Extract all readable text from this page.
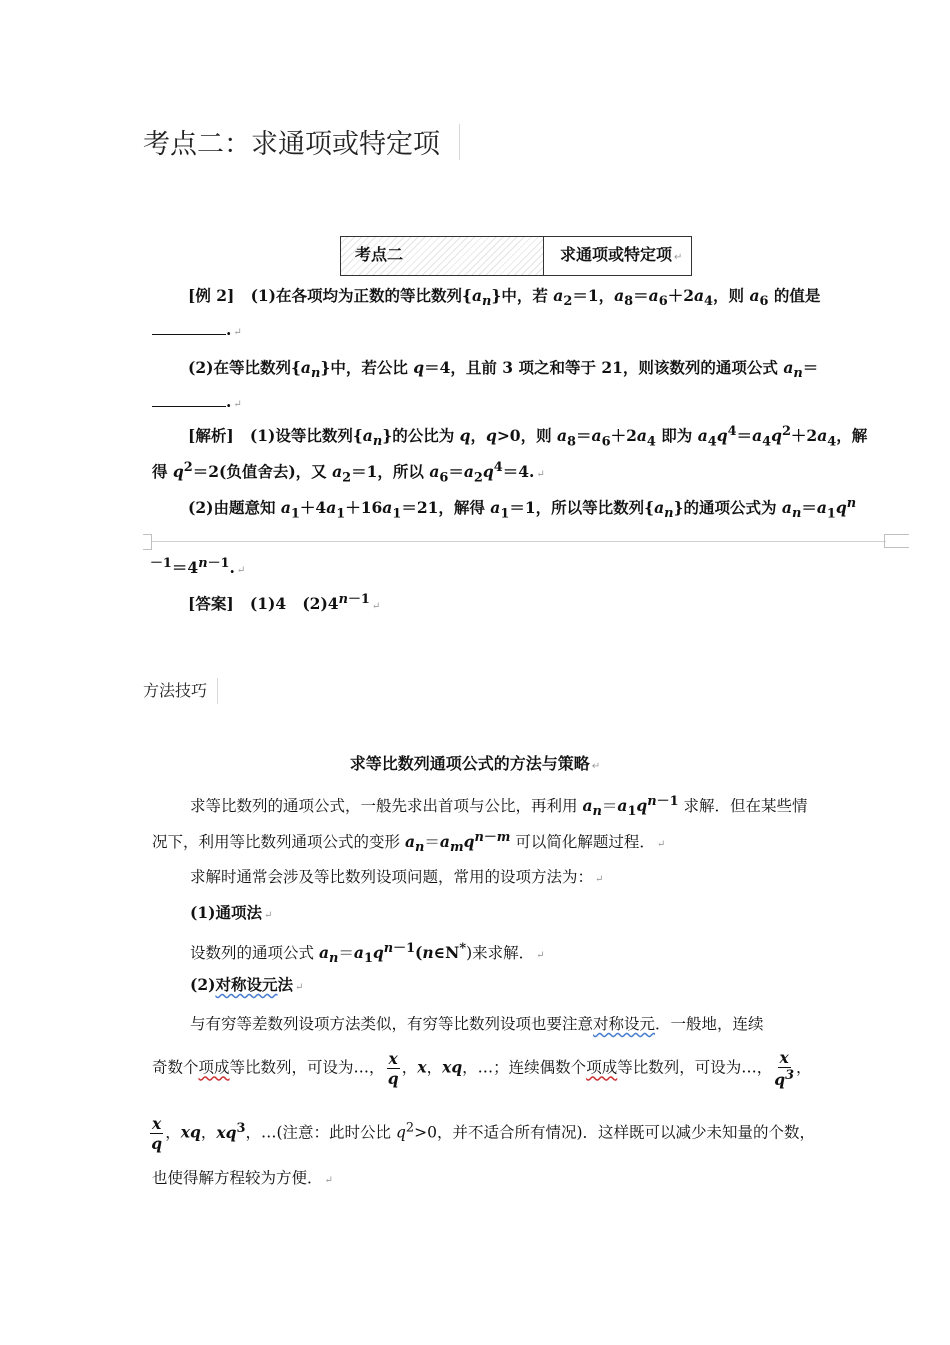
考点二：求通项或特定项
考点二	求通项或特定项 ↵
[例 2] (1)在各项均为正数的等比数列$\{a_n\}$中，若 $a_2=1$，$a_8=a_6+2a_4$，则 $a_6$ 的值是
. ↵
(2)在等比数列$\{a_n\}$中，若公比 q＝4，且前 3 项之和等于 21，则该数列的通项公式 $a_n=$
. ↵
[解析] (1)设等比数列$\{a_n\}$的公比为 q，q>0，则 $a_8=a_6+2a_4$ 即为 $a_4q^4=a_4q^2+2a_4$，解
得 $q^2=2$(负值舍去)，又 $a_2=1$，所以 $a_6=a_2q^4=4$. ↵
(2)由题意知 $a_1+4a_1+16a_1=21$，解得 $a_1=1$，所以等比数列$\{a_n\}$的通项公式为 $a_n=a_1q^n$
$^{-1}=4^{n-1}$. ↵
[答案] (1)4 $(2)4^{n-1}$ ↵
方法技巧
求等比数列通项公式的方法与策略 ↵
求等比数列的通项公式，一般先求出首项与公比，再利用 $a_n=a_1q^{n-1}$ 求解．但在某些情
况下，利用等比数列通项公式的变形 $a_n=a_mq^{n-m}$ 可以简化解题过程． ↵
求解时通常会涉及等比数列设项问题，常用的设项方法为： ↵
(1)通项法 ↵
设数列的通项公式 $a_n=a_1q^{n-1}(n\in N^*)$来求解． ↵
(2)对称设元法 ↵
与有穷等差数列设项方法类似，有穷等比数列设项也要注意对称设元．一般地，连续
奇数个项成等比数列，可设为…， $\frac{x}{q}$ ，x，xq，…；连续偶数个项成等比数列，可设为…， $\frac{x}{q^3}$ ，
$\frac{x}{q}$ ，xq，$xq^3$，…(注意：此时公比 $q^2>0$，并不适合所有情况)．这样既可以减少未知量的个数，
也使得解方程较为方便． ↵
